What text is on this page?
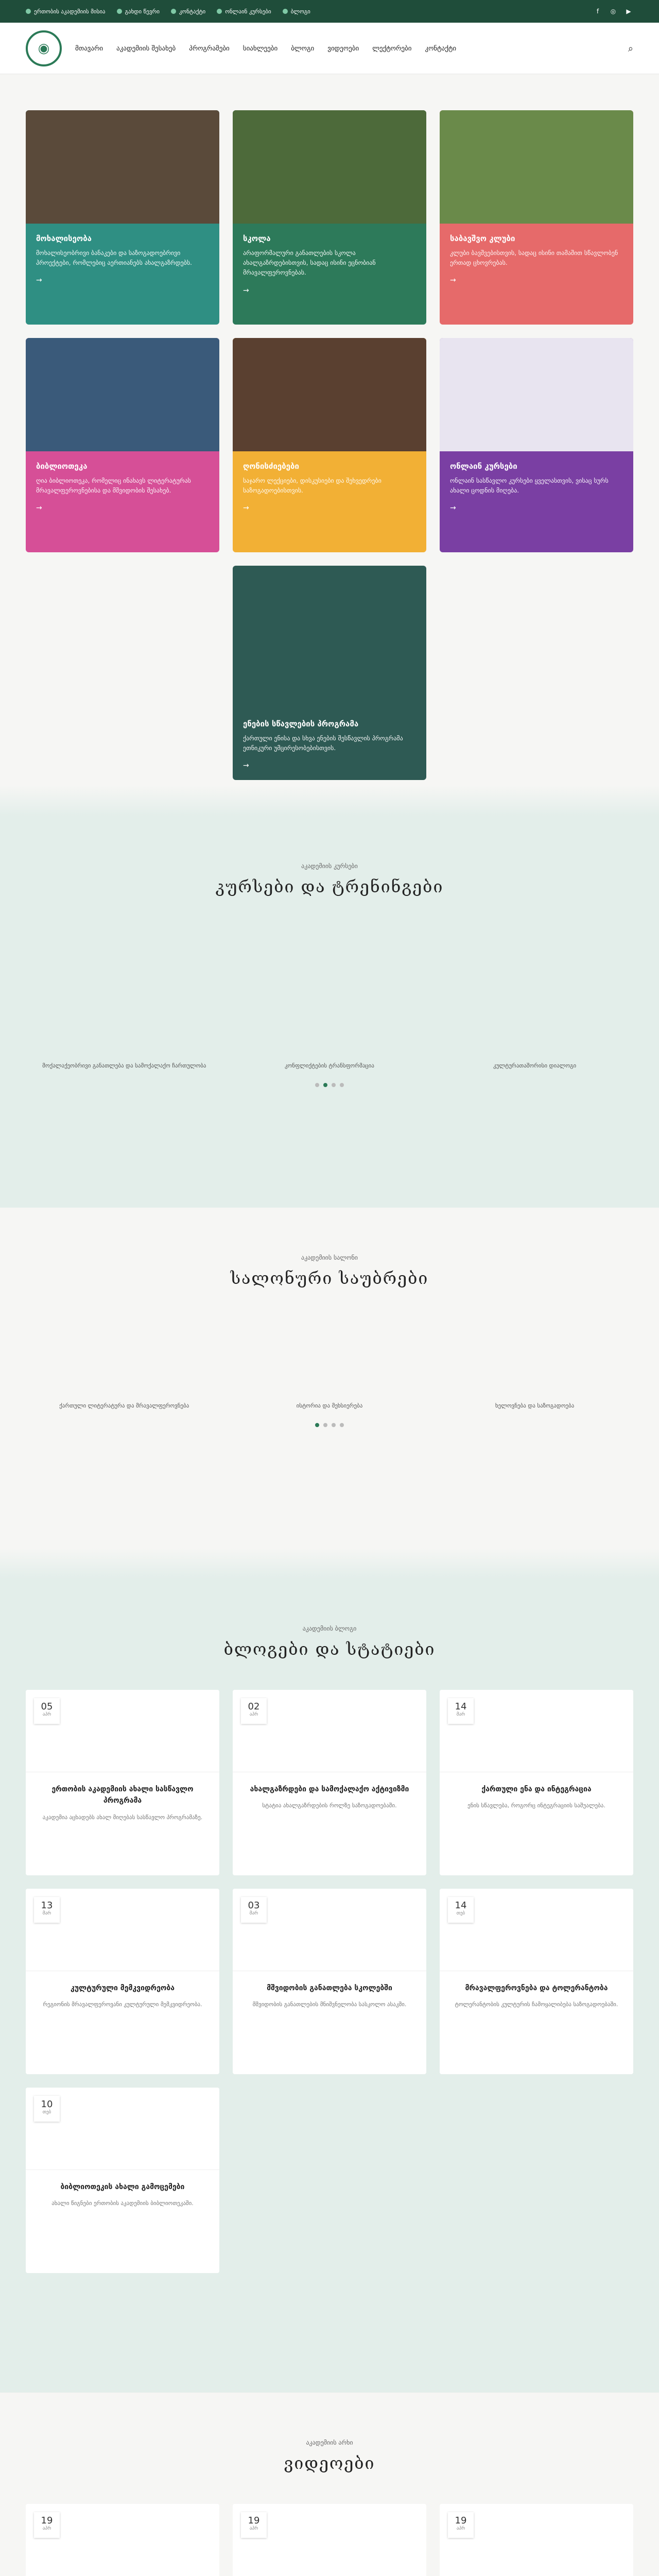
ერთობის აკადემიის მისია	გახდი წევრი	კონტაქტი	ონლაინ კურსები	ბლოგი	f	◎	▶
◉	მთავარი აკადემიის შესახებ პროგრამები სიახლეები ბლოგი ვიდეოები ლექტორები კონტაქტი	⌕
მოხალისეობა

მოხალისეობრივი ბანაკები და საზოგადოებრივი პროექტები, რომლებიც აერთიანებს ახალგაზრდებს.

→
სკოლა

არაფორმალური განათლების სკოლა ახალგაზრდებისთვის, სადაც ისინი ეცნობიან მრავალფეროვნებას.

→
საბავშვო კლუბი

კლუბი ბავშვებისთვის, სადაც ისინი თამაშით სწავლობენ ერთად ცხოვრებას.

→
ბიბლიოთეკა

ღია ბიბლიოთეკა, რომელიც ინახავს ლიტერატურას მრავალფეროვნებისა და მშვიდობის შესახებ.

→
ღონისძიებები

საჯარო ლექციები, დისკუსიები და შეხვედრები საზოგადოებისთვის.

→
ონლაინ კურსები

ონლაინ სასწავლო კურსები ყველასთვის, ვისაც სურს ახალი ცოდნის მიღება.

→
ენების სწავლების პროგრამა

ქართული ენისა და სხვა ენების შესწავლის პროგრამა ეთნიკური უმცირესობებისთვის.

→
აკადემიის კურსები
კურსები და ტრენინგები
მოქალაქეობრივი განათლება და სამოქალაქო ჩართულობა	კონფლიქტების ტრანსფორმაცია	კულტურათაშორისი დიალოგი
აკადემიის სალონი
სალონური საუბრები
ქართული ლიტერატურა და მრავალფეროვნება	ისტორია და მეხსიერება	ხელოვნება და საზოგადოება
აკადემიის ბლოგი
ბლოგები და სტატიები
05
აპრ
ერთობის აკადემიის ახალი სასწავლო პროგრამა

აკადემია აცხადებს ახალ მიღებას სასწავლო პროგრამაზე.

02
აპრ
ახალგაზრდები და სამოქალაქო აქტივიზმი

სტატია ახალგაზრდების როლზე საზოგადოებაში.

14
მარ
ქართული ენა და ინტეგრაცია

ენის სწავლება, როგორც ინტეგრაციის საშუალება.

13
მარ
კულტურული მემკვიდრეობა

რეგიონის მრავალფეროვანი კულტურული მემკვიდრეობა.

03
მარ
მშვიდობის განათლება სკოლებში

მშვიდობის განათლების მნიშვნელობა სასკოლო ასაკში.

14
თებ
მრავალფეროვნება და ტოლერანტობა

ტოლერანტობის კულტურის ჩამოყალიბება საზოგადოებაში.

10
თებ
ბიბლიოთეკის ახალი გამოცემები

ახალი წიგნები ერთობის აკადემიის ბიბლიოთეკაში.

აკადემიის არხი
ვიდეოები
19
აპრ

19
აპრ

19
აპრ
